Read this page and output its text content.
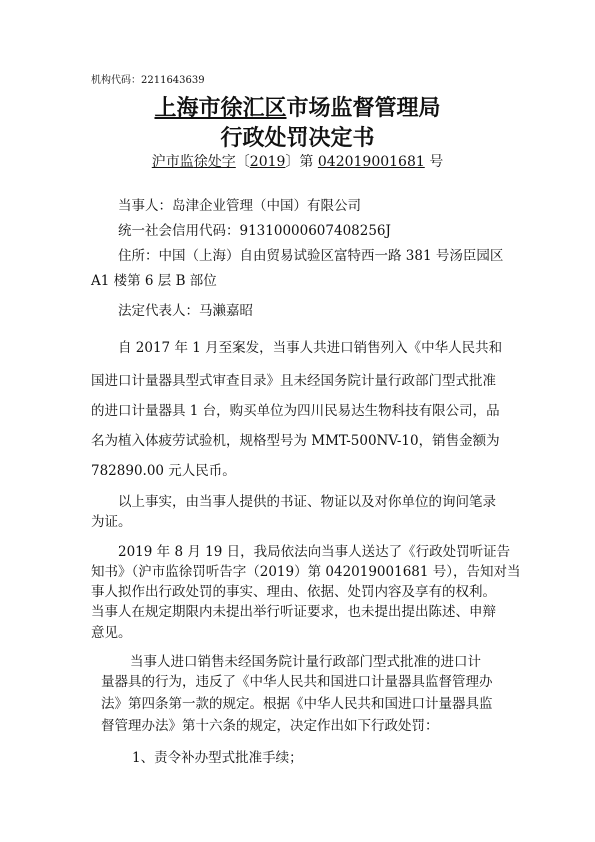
机构代码：2211643639
上海市徐汇区市场监督管理局
行政处罚决定书
沪市监徐处字〔2019〕第 042019001681 号
当事人：岛津企业管理（中国）有限公司
统一社会信用代码：91310000607408256J
住所：中国（上海）自由贸易试验区富特西一路 381 号汤臣园区
A1 楼第 6 层 B 部位
法定代表人：马濑嘉昭
自 2017 年 1 月至案发，当事人共进口销售列入《中华人民共和
国进口计量器具型式审查目录》且未经国务院计量行政部门型式批准
的进口计量器具 1 台，购买单位为四川民易达生物科技有限公司，品
名为植入体疲劳试验机，规格型号为 MMT-500NV-10，销售金额为
782890.00 元人民币。
以上事实，由当事人提供的书证、物证以及对你单位的询问笔录
为证。
2019 年 8 月 19 日，我局依法向当事人送达了《行政处罚听证告
知书》（沪市监徐罚听告字（2019）第 042019001681 号），告知对当
事人拟作出行政处罚的事实、理由、依据、处罚内容及享有的权利。
当事人在规定期限内未提出举行听证要求，也未提出提出陈述、申辩
意见。
当事人进口销售未经国务院计量行政部门型式批准的进口计
量器具的行为，违反了《中华人民共和国进口计量器具监督管理办
法》第四条第一款的规定。根据《中华人民共和国进口计量器具监
督管理办法》第十六条的规定，决定作出如下行政处罚：
1、责令补办型式批准手续；
